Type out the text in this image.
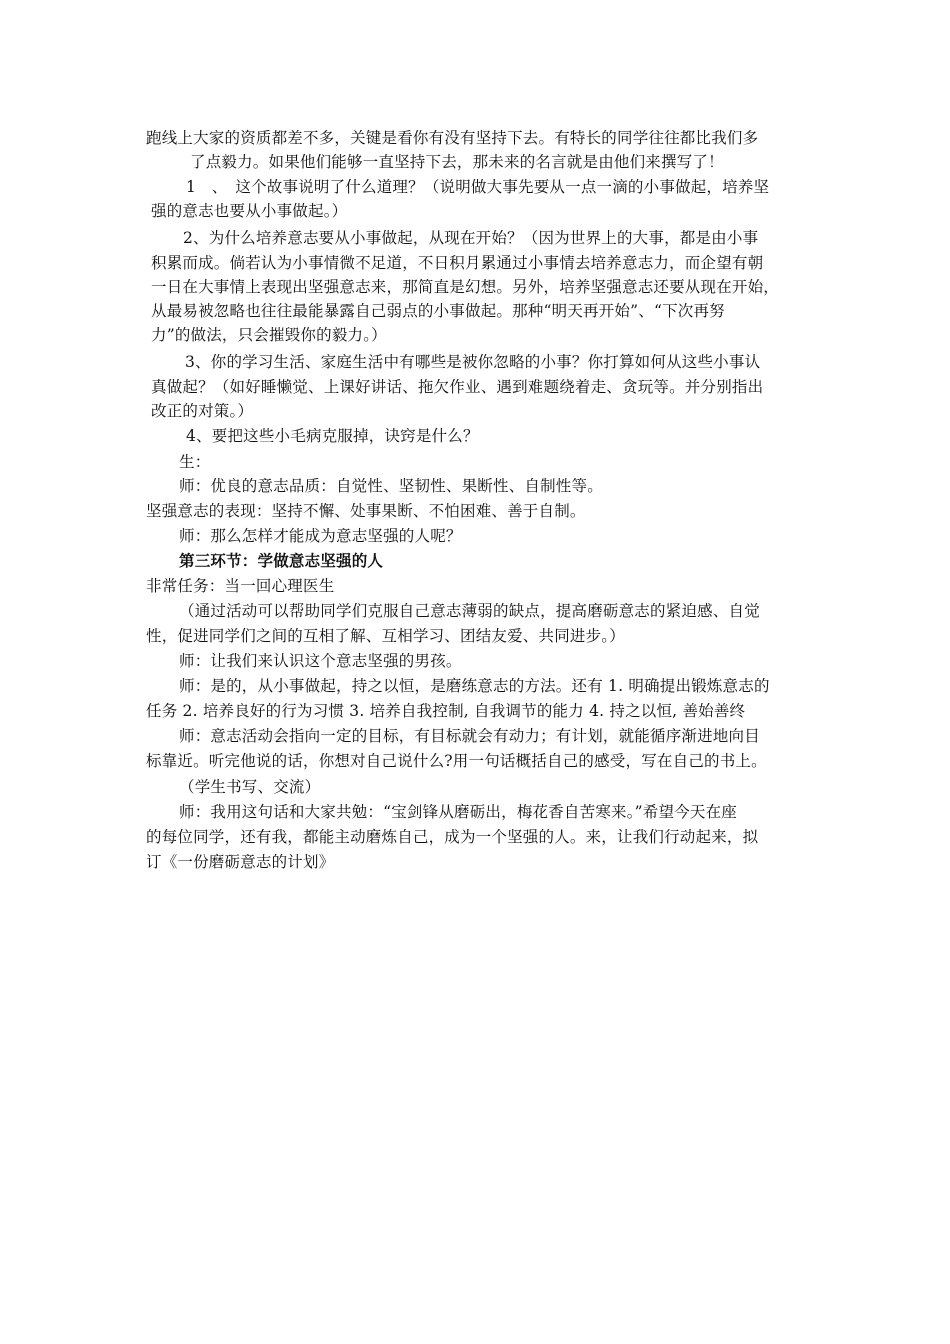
跑线上大家的资质都差不多，关键是看你有没有坚持下去。有特长的同学往往都比我们多
了点毅力。如果他们能够一直坚持下去，那未来的名言就是由他们来撰写了！
1　、　这个故事说明了什么道理？（说明做大事先要从一点一滴的小事做起，培养坚
强的意志也要从小事做起。）
2、为什么培养意志要从小事做起，从现在开始？（因为世界上的大事，都是由小事
积累而成。倘若认为小事情微不足道，不日积月累通过小事情去培养意志力，而企望有朝
一日在大事情上表现出坚强意志来，那简直是幻想。另外，培养坚强意志还要从现在开始，
从最易被忽略也往往最能暴露自己弱点的小事做起。那种“明天再开始”、“下次再努
力”的做法，只会摧毁你的毅力。）
3、你的学习生活、家庭生活中有哪些是被你忽略的小事？你打算如何从这些小事认
真做起？（如好睡懒觉、上课好讲话、拖欠作业、遇到难题绕着走、贪玩等。并分别指出
改正的对策。）
4、要把这些小毛病克服掉，诀窍是什么？
生：
师：优良的意志品质：自觉性、坚韧性、果断性、自制性等。
坚强意志的表现：坚持不懈、处事果断、不怕困难、善于自制。
师：那么怎样才能成为意志坚强的人呢？
第三环节：学做意志坚强的人
非常任务：当一回心理医生
（通过活动可以帮助同学们克服自己意志薄弱的缺点，提高磨砺意志的紧迫感、自觉
性，促进同学们之间的互相了解、互相学习、团结友爱、共同进步。）
师：让我们来认识这个意志坚强的男孩。
师：是的，从小事做起，持之以恒，是磨练意志的方法。还有 1. 明确提出锻炼意志的
任务 2. 培养良好的行为习惯 3. 培养自我控制, 自我调节的能力 4. 持之以恒, 善始善终
师：意志活动会指向一定的目标，有目标就会有动力；有计划，就能循序渐进地向目
标靠近。听完他说的话，你想对自己说什么?用一句话概括自己的感受，写在自己的书上。
（学生书写、交流）
师：我用这句话和大家共勉：“宝剑锋从磨砺出，梅花香自苦寒来。”希望今天在座
的每位同学，还有我，都能主动磨炼自己，成为一个坚强的人。来，让我们行动起来，拟
订《一份磨砺意志的计划》
